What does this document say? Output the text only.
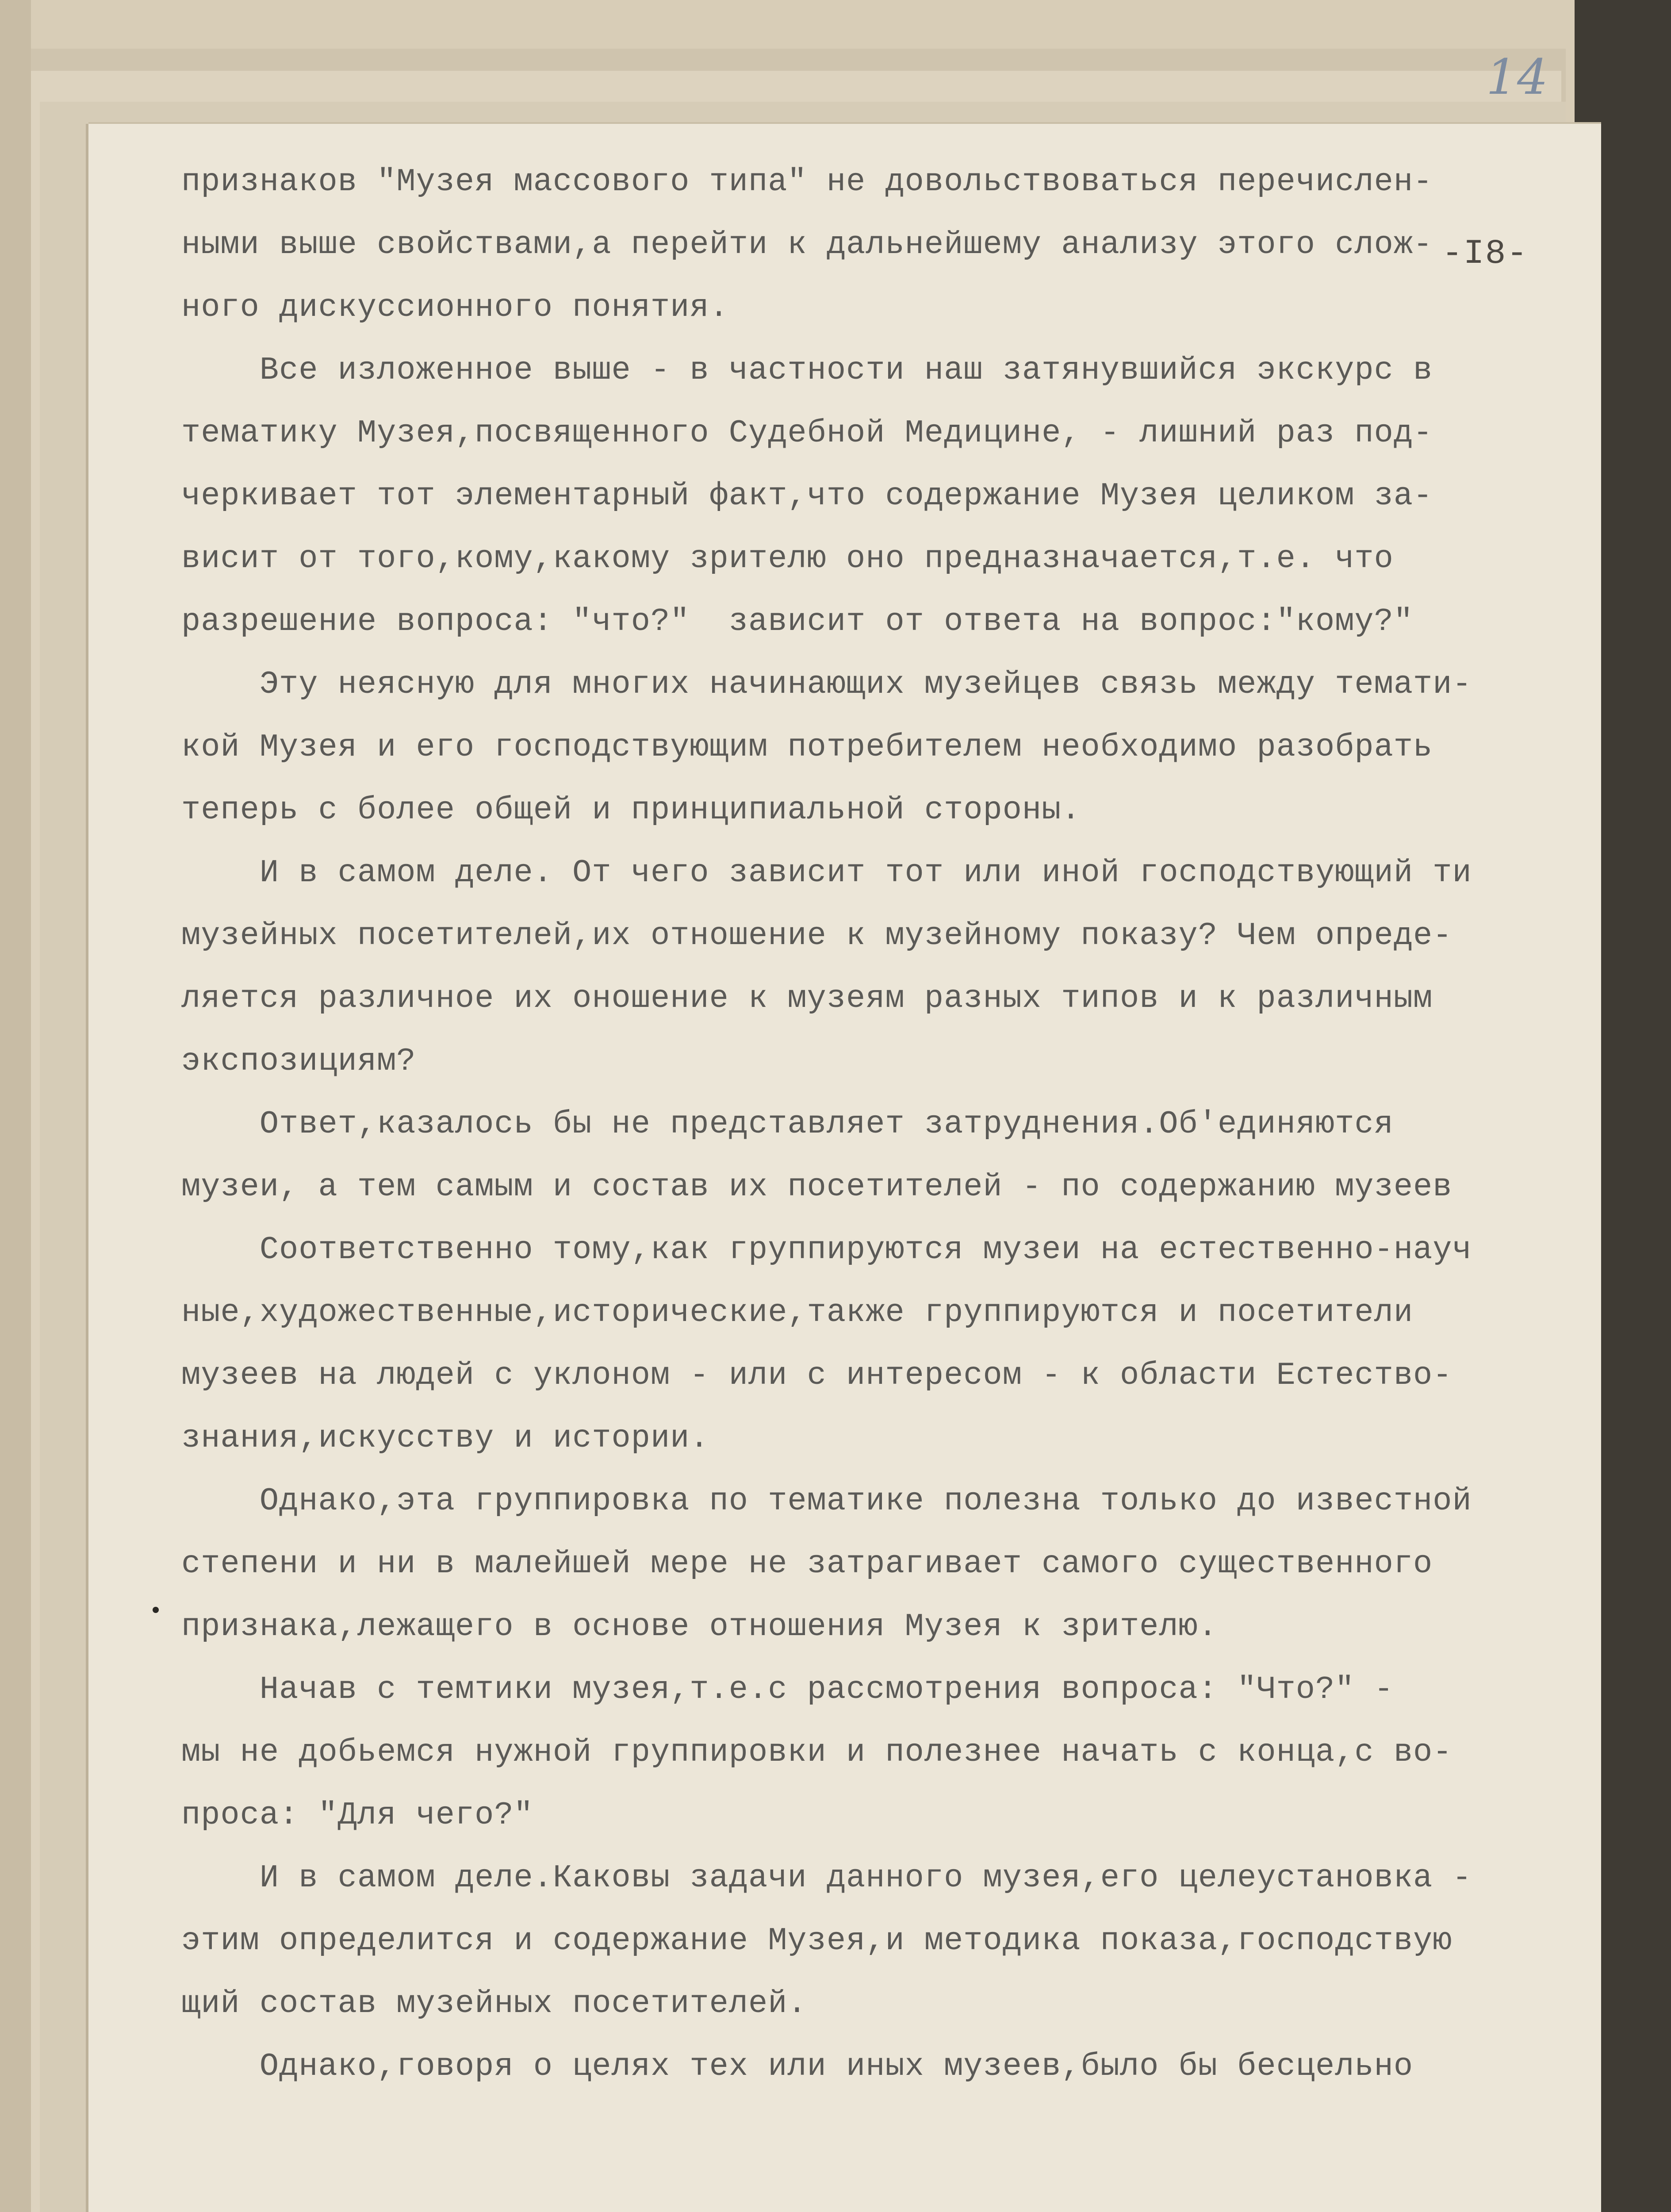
14
-I8-
признаков "Музея массового типа" не довольствоваться перечислен-
ными выше свойствами,а перейти к дальнейшему анализу этого слож-
ного дискуссионного понятия.
Все изложенное выше - в частности наш затянувшийся экскурс в
тематику Музея,посвященного Судебной Медицине, - лишний раз под-
черкивает тот элементарный факт,что содержание Музея целиком за-
висит от того,кому,какому зрителю оно предназначается,т.е. что
разрешение вопроса: "что?"  зависит от ответа на вопрос:"кому?"
Эту неясную для многих начинающих музейцев связь между темати-
кой Музея и его господствующим потребителем необходимо разобрать
теперь с более общей и принципиальной стороны.
И в самом деле. От чего зависит тот или иной господствующий ти
музейных посетителей,их отношение к музейному показу? Чем опреде-
ляется различное их оношение к музеям разных типов и к различным
экспозициям?
Ответ,казалось бы не представляет затруднения.Об'единяются
музеи, а тем самым и состав их посетителей - по содержанию музеев
Соответственно тому,как группируются музеи на естественно-науч
ные,художественные,исторические,также группируются и посетители
музеев на людей с уклоном - или с интересом - к области Естество-
знания,искусству и истории.
Однако,эта группировка по тематике полезна только до известной
степени и ни в малейшей мере не затрагивает самого существенного
признака,лежащего в основе отношения Музея к зрителю.
Начав с темтики музея,т.е.с рассмотрения вопроса: "Что?" -
мы не добьемся нужной группировки и полезнее начать с конца,с во-
проса: "Для чего?"
И в самом деле.Каковы задачи данного музея,его целеустановка -
этим определится и содержание Музея,и методика показа,господствую
щий состав музейных посетителей.
Однако,говоря о целях тех или иных музеев,было бы бесцельно
